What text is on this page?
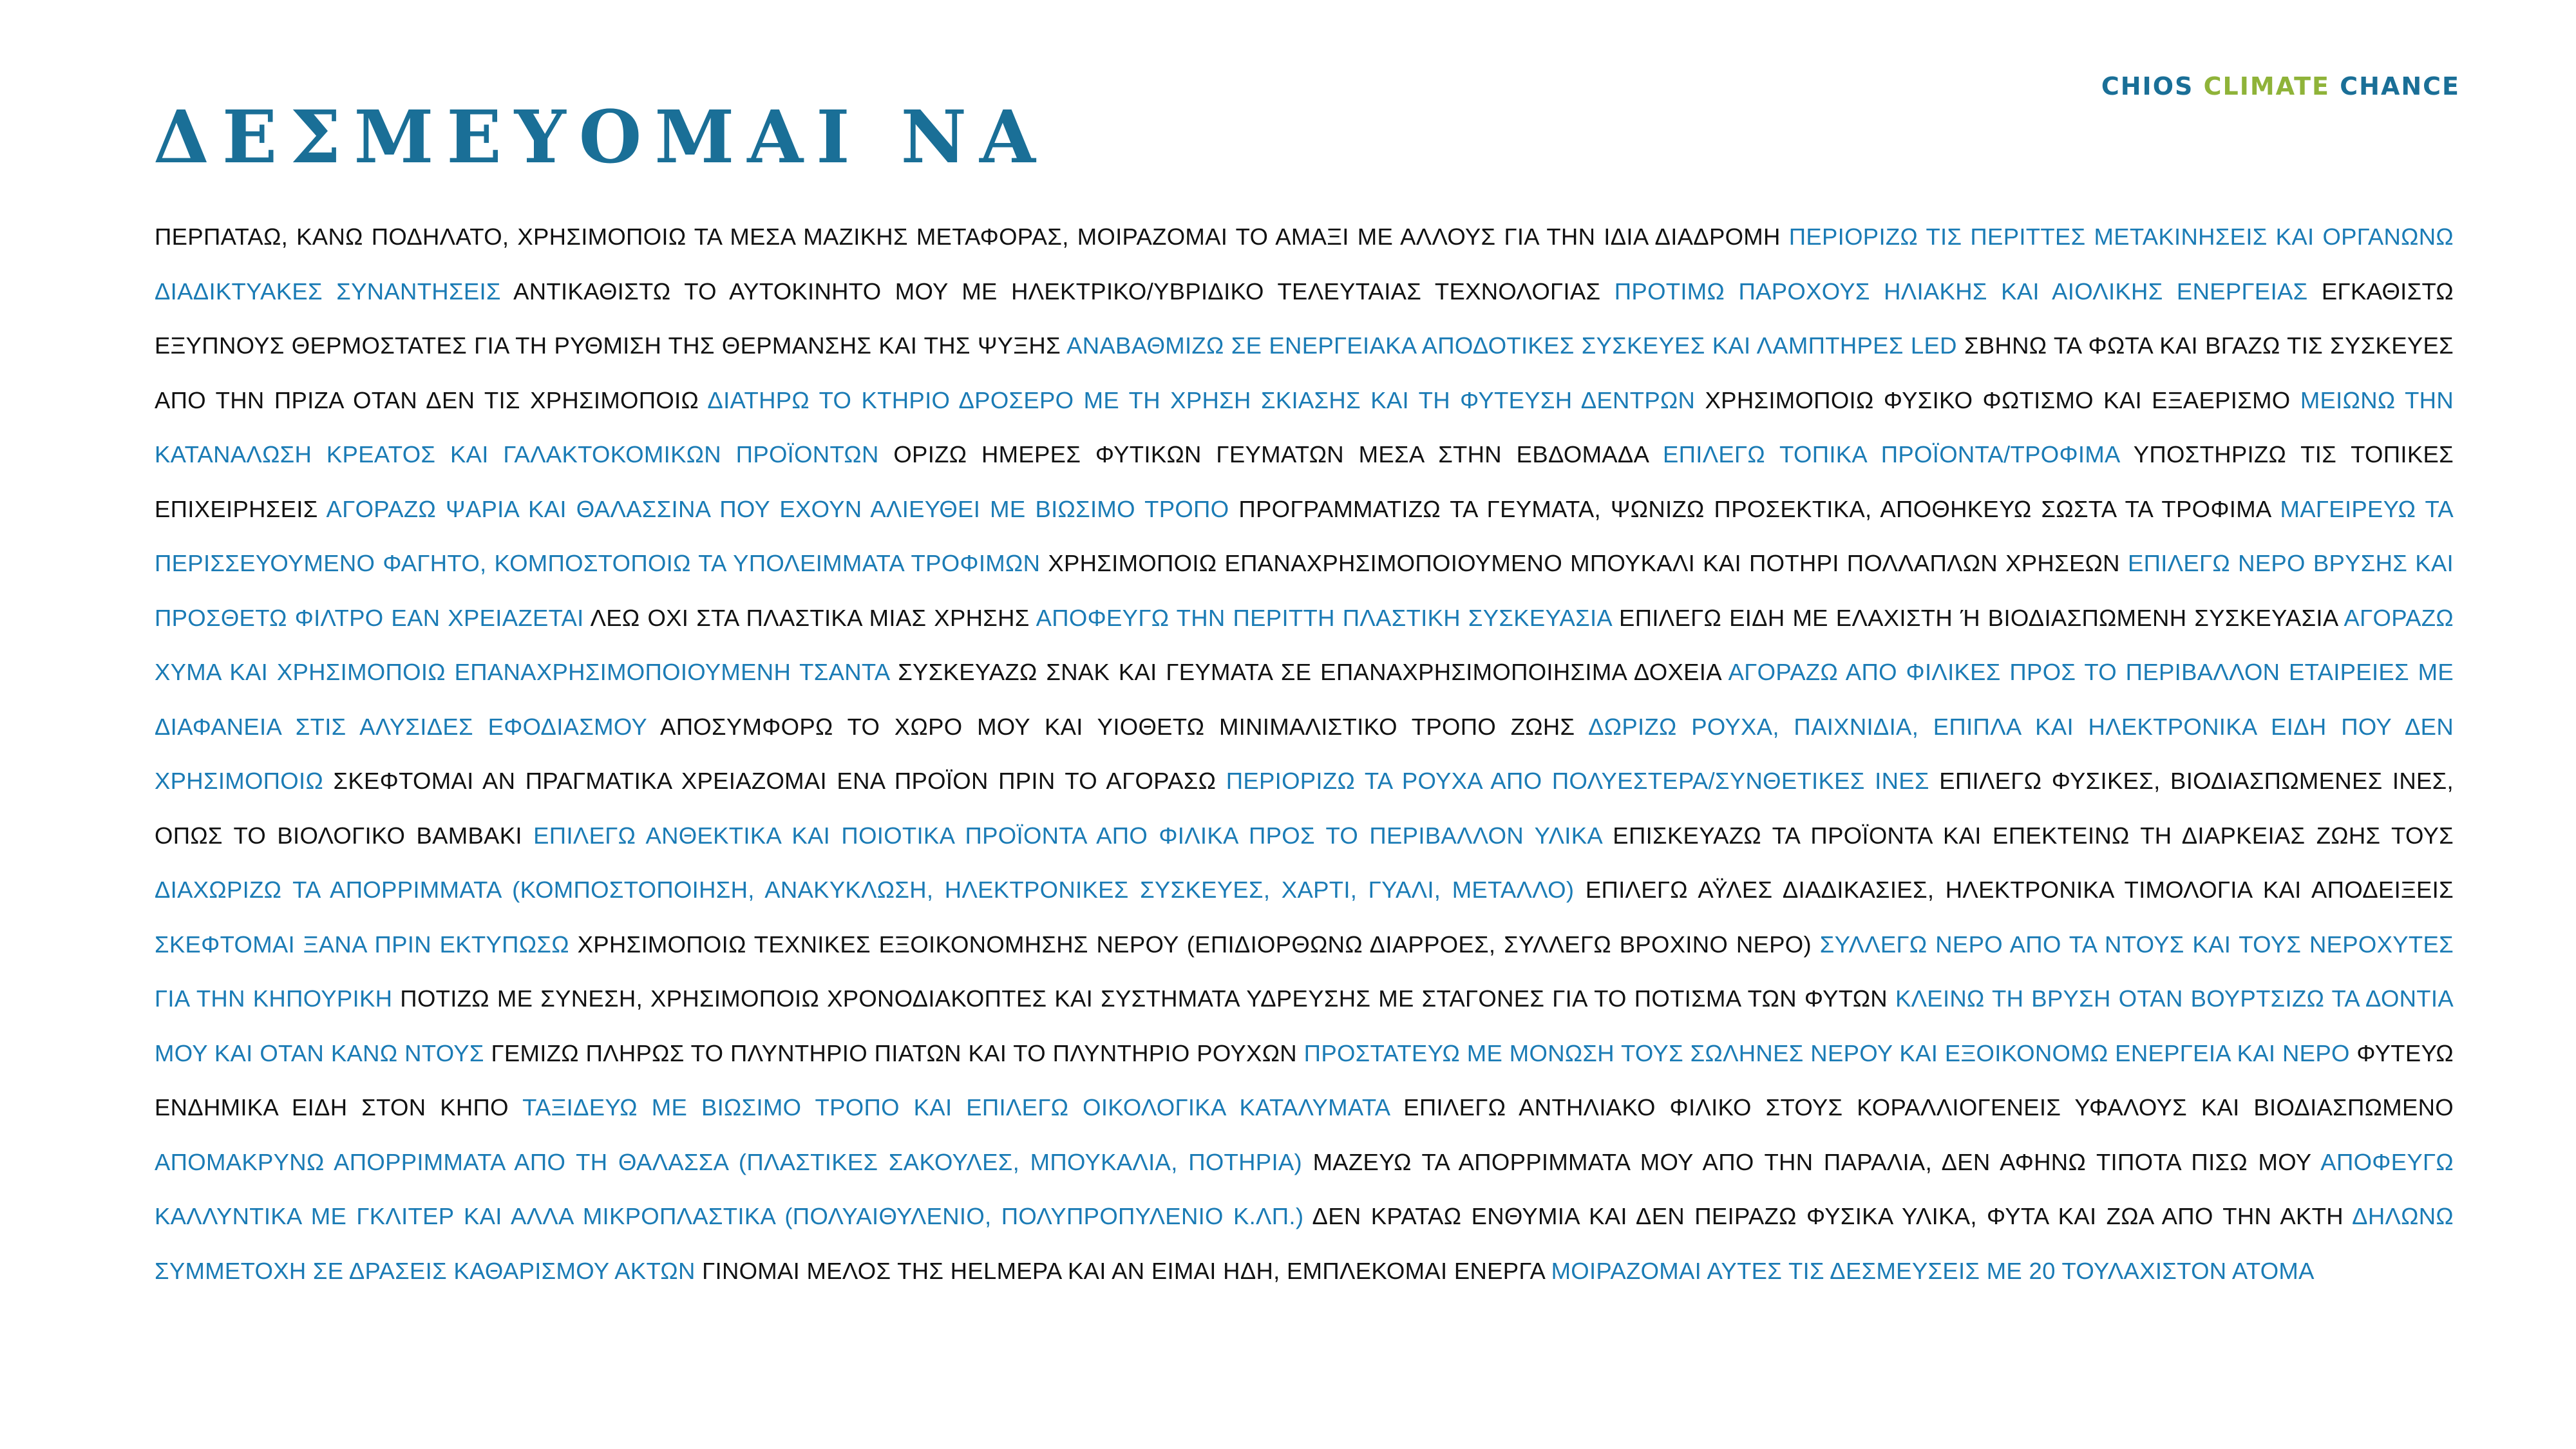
CHIOS CLIMATE CHANCE
ΔΕΣΜΕΥΟΜΑΙ ΝΑ

ΠΕΡΠΑΤΑΩ, ΚΑΝΩ ΠΟΔΗΛΑΤΟ, ΧΡΗΣΙΜΟΠΟΙΩ ΤΑ ΜΕΣΑ ΜΑΖΙΚΗΣ ΜΕΤΑΦΟΡΑΣ, ΜΟΙΡΑΖΟΜΑΙ ΤΟ ΑΜΑΞΙ ΜΕ ΑΛΛΟΥΣ ΓΙΑ ΤΗΝ ΙΔΙΑ ΔΙΑΔΡΟΜΗ ΠΕΡΙΟΡΙΖΩ ΤΙΣ ΠΕΡΙΤΤΕΣ ΜΕΤΑΚΙΝΗΣΕΙΣ ΚΑΙ ΟΡΓΑΝΩΝΩ ΔΙΑΔΙΚΤΥΑΚΕΣ ΣΥΝΑΝΤΗΣΕΙΣ ΑΝΤΙΚΑΘΙΣΤΩ ΤΟ ΑΥΤΟΚΙΝΗΤΟ ΜΟΥ ΜΕ ΗΛΕΚΤΡΙΚΟ/ΥΒΡΙΔΙΚΟ ΤΕΛΕΥΤΑΙΑΣ ΤΕΧΝΟΛΟΓΙΑΣ ΠΡΟΤΙΜΩ ΠΑΡΟΧΟΥΣ ΗΛΙΑΚΗΣ ΚΑΙ ΑΙΟΛΙΚΗΣ ΕΝΕΡΓΕΙΑΣ ΕΓΚΑΘΙΣΤΩ ΕΞΥΠΝΟΥΣ ΘΕΡΜΟΣΤΑΤΕΣ ΓΙΑ ΤΗ ΡΥΘΜΙΣΗ ΤΗΣ ΘΕΡΜΑΝΣΗΣ ΚΑΙ ΤΗΣ ΨΥΞΗΣ ΑΝΑΒΑΘΜΙΖΩ ΣΕ ΕΝΕΡΓΕΙΑΚΑ ΑΠΟΔΟΤΙΚΕΣ ΣΥΣΚΕΥΕΣ ΚΑΙ ΛΑΜΠΤΗΡΕΣ LED ΣΒΗΝΩ ΤΑ ΦΩΤΑ ΚΑΙ ΒΓΑΖΩ ΤΙΣ ΣΥΣΚΕΥΕΣ ΑΠΟ ΤΗΝ ΠΡΙΖΑ ΟΤΑΝ ΔΕΝ ΤΙΣ ΧΡΗΣΙΜΟΠΟΙΩ ΔΙΑΤΗΡΩ ΤΟ ΚΤΗΡΙΟ ΔΡΟΣΕΡΟ ΜΕ ΤΗ ΧΡΗΣΗ ΣΚΙΑΣΗΣ ΚΑΙ ΤΗ ΦΥΤΕΥΣΗ ΔΕΝΤΡΩΝ ΧΡΗΣΙΜΟΠΟΙΩ ΦΥΣΙΚΟ ΦΩΤΙΣΜΟ ΚΑΙ ΕΞΑΕΡΙΣΜΟ ΜΕΙΩΝΩ ΤΗΝ ΚΑΤΑΝΑΛΩΣΗ ΚΡΕΑΤΟΣ ΚΑΙ ΓΑΛΑΚΤΟΚΟΜΙΚΩΝ ΠΡΟΪΟΝΤΩΝ ΟΡΙΖΩ ΗΜΕΡΕΣ ΦΥΤΙΚΩΝ ΓΕΥΜΑΤΩΝ ΜΕΣΑ ΣΤΗΝ ΕΒΔΟΜΑΔΑ ΕΠΙΛΕΓΩ ΤΟΠΙΚΑ ΠΡΟΪΟΝΤΑ/ΤΡΟΦΙΜΑ ΥΠΟΣΤΗΡΙΖΩ ΤΙΣ ΤΟΠΙΚΕΣ ΕΠΙΧΕΙΡΗΣΕΙΣ ΑΓΟΡΑΖΩ ΨΑΡΙΑ ΚΑΙ ΘΑΛΑΣΣΙΝΑ ΠΟΥ ΕΧΟΥΝ ΑΛΙΕΥΘΕΙ ΜΕ ΒΙΩΣΙΜΟ ΤΡΟΠΟ ΠΡΟΓΡΑΜΜΑΤΙΖΩ ΤΑ ΓΕΥΜΑΤΑ, ΨΩΝΙΖΩ ΠΡΟΣΕΚΤΙΚΑ, ΑΠΟΘΗΚΕΥΩ ΣΩΣΤΑ ΤΑ ΤΡΟΦΙΜΑ ΜΑΓΕΙΡΕΥΩ ΤΑ ΠΕΡΙΣΣΕΥΟΥΜΕΝΟ ΦΑΓΗΤΟ, ΚΟΜΠΟΣΤΟΠΟΙΩ ΤΑ ΥΠΟΛΕΙΜΜΑΤΑ ΤΡΟΦΙΜΩΝ ΧΡΗΣΙΜΟΠΟΙΩ ΕΠΑΝΑΧΡΗΣΙΜΟΠΟΙΟΥΜΕΝΟ ΜΠΟΥΚΑΛΙ ΚΑΙ ΠΟΤΗΡΙ ΠΟΛΛΑΠΛΩΝ ΧΡΗΣΕΩΝ ΕΠΙΛΕΓΩ ΝΕΡΟ ΒΡΥΣΗΣ ΚΑΙ ΠΡΟΣΘΕΤΩ ΦΙΛΤΡΟ ΕΑΝ ΧΡΕΙΑΖΕΤΑΙ ΛΕΩ ΟΧΙ ΣΤΑ ΠΛΑΣΤΙΚΑ ΜΙΑΣ ΧΡΗΣΗΣ ΑΠΟΦΕΥΓΩ ΤΗΝ ΠΕΡΙΤΤΗ ΠΛΑΣΤΙΚΗ ΣΥΣΚΕΥΑΣΙΑ ΕΠΙΛΕΓΩ ΕΙΔΗ ΜΕ ΕΛΑΧΙΣΤΗ Ή ΒΙΟΔΙΑΣΠΩΜΕΝΗ ΣΥΣΚΕΥΑΣΙΑ ΑΓΟΡΑΖΩ ΧΥΜΑ ΚΑΙ ΧΡΗΣΙΜΟΠΟΙΩ ΕΠΑΝΑΧΡΗΣΙΜΟΠΟΙΟΥΜΕΝΗ ΤΣΑΝΤΑ ΣΥΣΚΕΥΑΖΩ ΣΝΑΚ ΚΑΙ ΓΕΥΜΑΤΑ ΣΕ ΕΠΑΝΑΧΡΗΣΙΜΟΠΟΙΗΣΙΜΑ ΔΟΧΕΙΑ ΑΓΟΡΑΖΩ ΑΠΟ ΦΙΛΙΚΕΣ ΠΡΟΣ ΤΟ ΠΕΡΙΒΑΛΛΟΝ ΕΤΑΙΡΕΙΕΣ ΜΕ ΔΙΑΦΑΝΕΙΑ ΣΤΙΣ ΑΛΥΣΙΔΕΣ ΕΦΟΔΙΑΣΜΟΥ ΑΠΟΣΥΜΦΟΡΩ ΤΟ ΧΩΡΟ ΜΟΥ ΚΑΙ ΥΙΟΘΕΤΩ ΜΙΝΙΜΑΛΙΣΤΙΚΟ ΤΡΟΠΟ ΖΩΗΣ ΔΩΡΙΖΩ ΡΟΥΧΑ, ΠΑΙΧΝΙΔΙΑ, ΕΠΙΠΛΑ ΚΑΙ ΗΛΕΚΤΡΟΝΙΚΑ ΕΙΔΗ ΠΟΥ ΔΕΝ ΧΡΗΣΙΜΟΠΟΙΩ ΣΚΕΦΤΟΜΑΙ ΑΝ ΠΡΑΓΜΑΤΙΚΑ ΧΡΕΙΑΖΟΜΑΙ ΕΝΑ ΠΡΟΪΟΝ ΠΡΙΝ ΤΟ ΑΓΟΡΑΣΩ ΠΕΡΙΟΡΙΖΩ ΤΑ ΡΟΥΧΑ ΑΠΟ ΠΟΛΥΕΣΤΕΡΑ/ΣΥΝΘΕΤΙΚΕΣ ΙΝΕΣ ΕΠΙΛΕΓΩ ΦΥΣΙΚΕΣ, ΒΙΟΔΙΑΣΠΩΜΕΝΕΣ ΙΝΕΣ, ΟΠΩΣ ΤΟ ΒΙΟΛΟΓΙΚΟ ΒΑΜΒΑΚΙ ΕΠΙΛΕΓΩ ΑΝΘΕΚΤΙΚΑ ΚΑΙ ΠΟΙΟΤΙΚΑ ΠΡΟΪΟΝΤΑ ΑΠΟ ΦΙΛΙΚΑ ΠΡΟΣ ΤΟ ΠΕΡΙΒΑΛΛΟΝ ΥΛΙΚΑ ΕΠΙΣΚΕΥΑΖΩ ΤΑ ΠΡΟΪΟΝΤΑ ΚΑΙ ΕΠΕΚΤΕΙΝΩ ΤΗ ΔΙΑΡΚΕΙΑΣ ΖΩΗΣ ΤΟΥΣ ΔΙΑΧΩΡΙΖΩ ΤΑ ΑΠΟΡΡΙΜΜΑΤΑ (ΚΟΜΠΟΣΤΟΠΟΙΗΣΗ, ΑΝΑΚΥΚΛΩΣΗ, ΗΛΕΚΤΡΟΝΙΚΕΣ ΣΥΣΚΕΥΕΣ, ΧΑΡΤΙ, ΓΥΑΛΙ, ΜΕΤΑΛΛΟ) ΕΠΙΛΕΓΩ ΑΫΛΕΣ ΔΙΑΔΙΚΑΣΙΕΣ, ΗΛΕΚΤΡΟΝΙΚΑ ΤΙΜΟΛΟΓΙΑ ΚΑΙ ΑΠΟΔΕΙΞΕΙΣ ΣΚΕΦΤΟΜΑΙ ΞΑΝΑ ΠΡΙΝ ΕΚΤΥΠΩΣΩ ΧΡΗΣΙΜΟΠΟΙΩ ΤΕΧΝΙΚΕΣ ΕΞΟΙΚΟΝΟΜΗΣΗΣ ΝΕΡΟΥ (ΕΠΙΔΙΟΡΘΩΝΩ ΔΙΑΡΡΟΕΣ, ΣΥΛΛΕΓΩ ΒΡΟΧΙΝΟ ΝΕΡΟ) ΣΥΛΛΕΓΩ ΝΕΡΟ ΑΠΟ ΤΑ ΝΤΟΥΣ ΚΑΙ ΤΟΥΣ ΝΕΡΟΧΥΤΕΣ ΓΙΑ ΤΗΝ ΚΗΠΟΥΡΙΚΗ ΠΟΤΙΖΩ ΜΕ ΣΥΝΕΣΗ, ΧΡΗΣΙΜΟΠΟΙΩ ΧΡΟΝΟΔΙΑΚΟΠΤΕΣ ΚΑΙ ΣΥΣΤΗΜΑΤΑ ΥΔΡΕΥΣΗΣ ΜΕ ΣΤΑΓΟΝΕΣ ΓΙΑ ΤΟ ΠΟΤΙΣΜΑ ΤΩΝ ΦΥΤΩΝ ΚΛΕΙΝΩ ΤΗ ΒΡΥΣΗ ΟΤΑΝ ΒΟΥΡΤΣΙΖΩ ΤΑ ΔΟΝΤΙΑ ΜΟΥ ΚΑΙ ΟΤΑΝ ΚΑΝΩ ΝΤΟΥΣ ΓΕΜΙΖΩ ΠΛΗΡΩΣ ΤΟ ΠΛΥΝΤΗΡΙΟ ΠΙΑΤΩΝ ΚΑΙ ΤΟ ΠΛΥΝΤΗΡΙΟ ΡΟΥΧΩΝ ΠΡΟΣΤΑΤΕΥΩ ΜΕ ΜΟΝΩΣΗ ΤΟΥΣ ΣΩΛΗΝΕΣ ΝΕΡΟΥ ΚΑΙ ΕΞΟΙΚΟΝΟΜΩ ΕΝΕΡΓΕΙΑ ΚΑΙ ΝΕΡΟ ΦΥΤΕΥΩ ΕΝΔΗΜΙΚΑ ΕΙΔΗ ΣΤΟΝ ΚΗΠΟ ΤΑΞΙΔΕΥΩ ΜΕ ΒΙΩΣΙΜΟ ΤΡΟΠΟ ΚΑΙ ΕΠΙΛΕΓΩ ΟΙΚΟΛΟΓΙΚΑ ΚΑΤΑΛΥΜΑΤΑ ΕΠΙΛΕΓΩ ΑΝΤΗΛΙΑΚΟ ΦΙΛΙΚΟ ΣΤΟΥΣ ΚΟΡΑΛΛΙΟΓΕΝΕΙΣ ΥΦΑΛΟΥΣ ΚΑΙ ΒΙΟΔΙΑΣΠΩΜΕΝΟ ΑΠΟΜΑΚΡΥΝΩ ΑΠΟΡΡΙΜΜΑΤΑ ΑΠΟ ΤΗ ΘΑΛΑΣΣΑ (ΠΛΑΣΤΙΚΕΣ ΣΑΚΟΥΛΕΣ, ΜΠΟΥΚΑΛΙΑ, ΠΟΤΗΡΙΑ) ΜΑΖΕΥΩ ΤΑ ΑΠΟΡΡΙΜΜΑΤΑ ΜΟΥ ΑΠΟ ΤΗΝ ΠΑΡΑΛΙΑ, ΔΕΝ ΑΦΗΝΩ ΤΙΠΟΤΑ ΠΙΣΩ ΜΟΥ ΑΠΟΦΕΥΓΩ ΚΑΛΛΥΝΤΙΚΑ ΜΕ ΓΚΛΙΤΕΡ ΚΑΙ ΑΛΛΑ ΜΙΚΡΟΠΛΑΣΤΙΚΑ (ΠΟΛΥΑΙΘΥΛΕΝΙΟ, ΠΟΛΥΠΡΟΠΥΛΕΝΙΟ Κ.ΛΠ.) ΔΕΝ ΚΡΑΤΑΩ ΕΝΘΥΜΙΑ ΚΑΙ ΔΕΝ ΠΕΙΡΑΖΩ ΦΥΣΙΚΑ ΥΛΙΚΑ, ΦΥΤΑ ΚΑΙ ΖΩΑ ΑΠΟ ΤΗΝ ΑΚΤΗ ΔΗΛΩΝΩ ΣΥΜΜΕΤΟΧΗ ΣΕ ΔΡΑΣΕΙΣ ΚΑΘΑΡΙΣΜΟΥ ΑΚΤΩΝ ΓΙΝΟΜΑΙ ΜΕΛΟΣ ΤΗΣ HELMEPA ΚΑΙ ΑΝ ΕΙΜΑΙ ΗΔΗ, ΕΜΠΛΕΚΟΜΑΙ ΕΝΕΡΓΑ ΜΟΙΡΑΖΟΜΑΙ ΑΥΤΕΣ ΤΙΣ ΔΕΣΜΕΥΣΕΙΣ ΜΕ 20 ΤΟΥΛΑΧΙΣΤΟΝ ΑΤΟΜΑ
